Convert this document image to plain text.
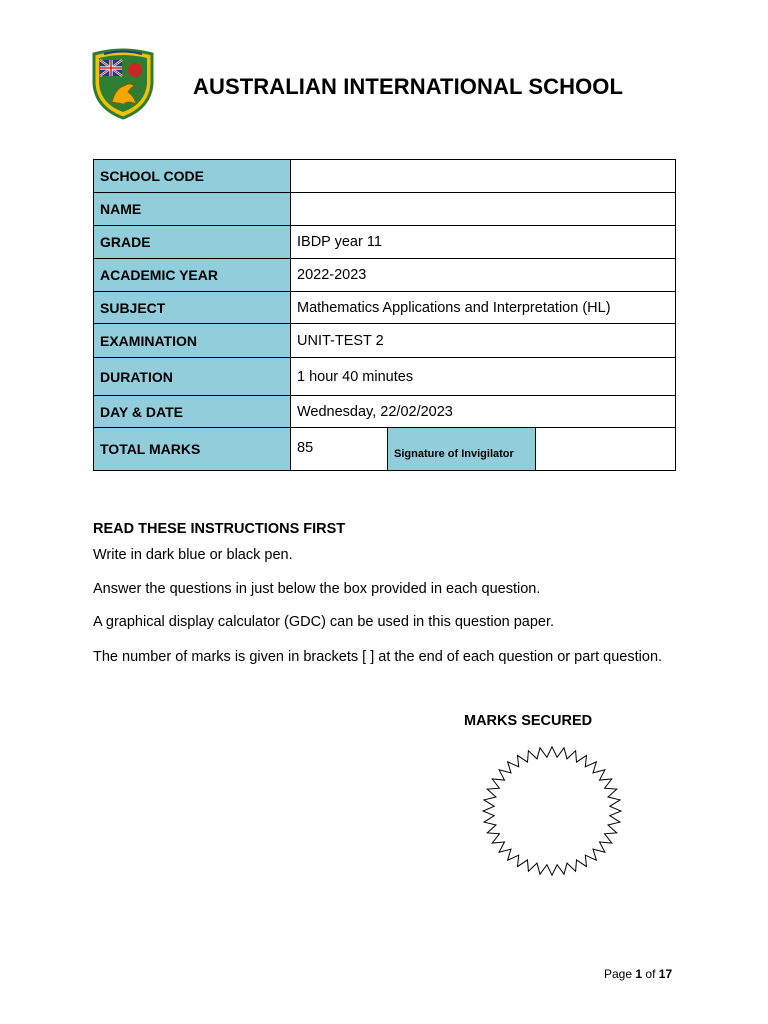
AUSTRALIAN INTERNATIONAL SCHOOL
SCHOOL CODE			
NAME			
GRADE	IBDP year 11		
ACADEMIC YEAR	2022-2023		
SUBJECT	Mathematics Applications and Interpretation (HL)		
EXAMINATION	UNIT-TEST 2		
DURATION	1 hour 40 minutes		
DAY & DATE	Wednesday, 22/02/2023		
TOTAL MARKS	85	Signature of Invigilator	
READ THESE INSTRUCTIONS FIRST
Write in dark blue or black pen.
Answer the questions in just below the box provided in each question.
A graphical display calculator (GDC) can be used in this question paper.
The number of marks is given in brackets [ ] at the end of each question or part question.
MARKS SECURED
Page 1 of 17
